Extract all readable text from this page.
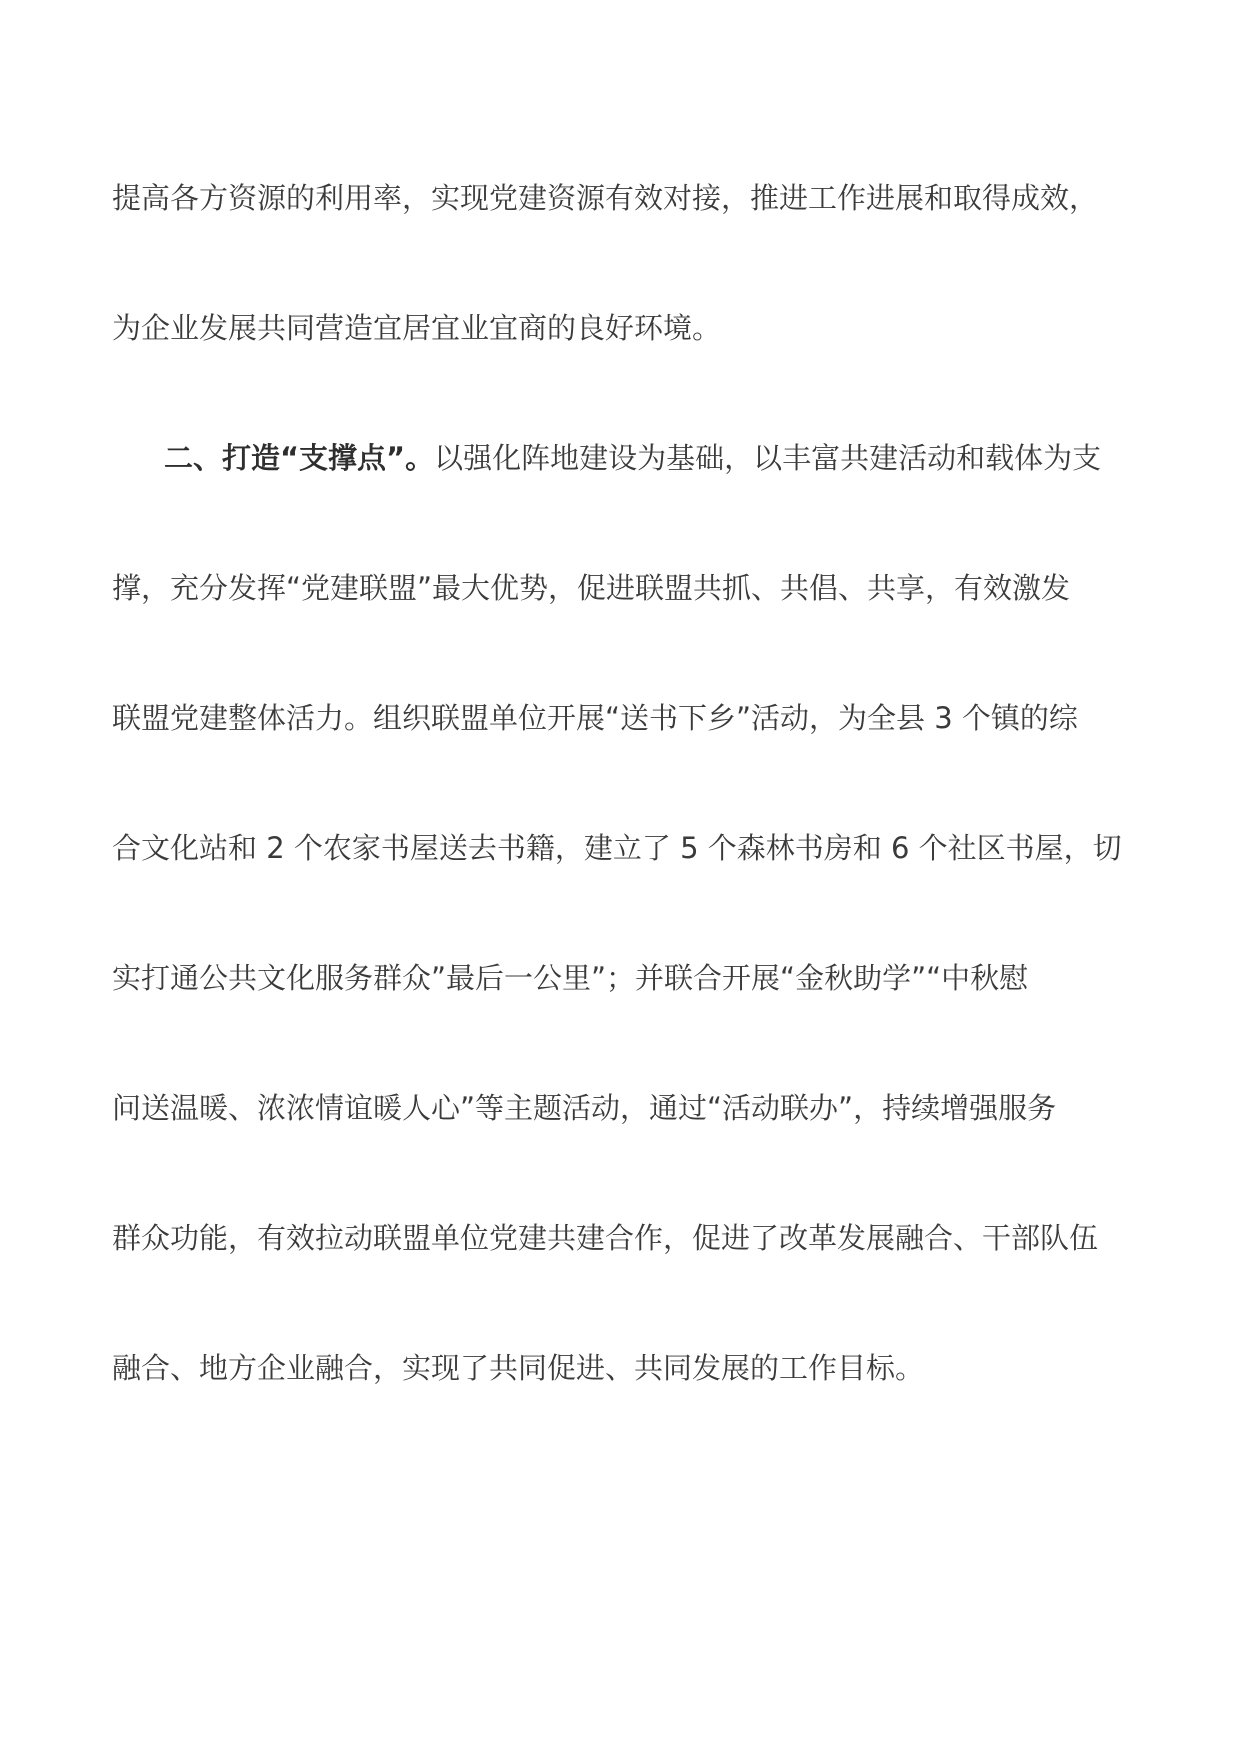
提高各方资源的利用率，实现党建资源有效对接，推进工作进展和取得成效，
为企业发展共同营造宜居宜业宜商的良好环境。
二、打造“支撑点”。以强化阵地建设为基础，以丰富共建活动和载体为支
撑，充分发挥“党建联盟”最大优势，促进联盟共抓、共倡、共享，有效激发
联盟党建整体活力。组织联盟单位开展“送书下乡”活动，为全县 3 个镇的综
合文化站和 2 个农家书屋送去书籍，建立了 5 个森林书房和 6 个社区书屋，切
实打通公共文化服务群众”最后一公里”；并联合开展“金秋助学”“中秋慰
问送温暖、浓浓情谊暖人心”等主题活动，通过“活动联办”，持续增强服务
群众功能，有效拉动联盟单位党建共建合作，促进了改革发展融合、干部队伍
融合、地方企业融合，实现了共同促进、共同发展的工作目标。
